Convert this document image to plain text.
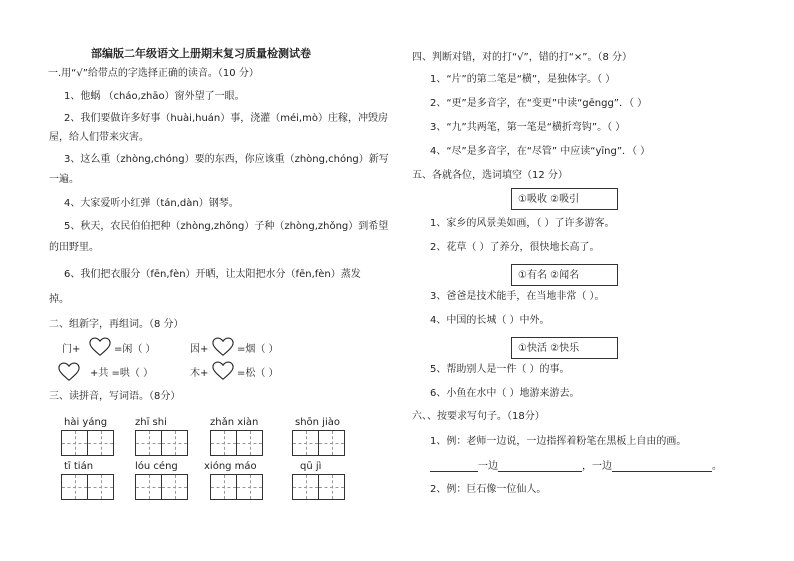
部编版二年级语文上册期末复习质量检测试卷
一.用“√”给带点的字选择正确的读音。（10 分）
1、他蜗 （cháo,zhāo）窗外望了一眼。
2、我们要做许多好事（huài,huán）事，浇灌（méi,mò）庄稼，冲毁房
屋，给人们带来灾害。
3、这么重（zhòng,chóng）要的东西，你应该重（zhòng,chóng）新写
一遍。
4、大家爱听小红弹（tán,dàn）钢琴。
5、秋天，农民伯伯把种（zhòng,zhǒng）子种（zhòng,zhǒng）到希望
的田野里。
6、我们把衣服分（fēn,fèn）开晒，让太阳把水分（fēn,fèn）蒸发
掉。
二、组新字，再组词。（8 分）
门+	=闲（ ）	因+	=烟（ ）
+共 =哄（ ）	木+	=松（ ）
三、读拼音，写词语。（8分）
hài yáng	zhī shi	zhǎn xiàn	shōn jiào
tī tián	lóu céng	xióng máo	qū jì
四、判断对错，对的打“√”，错的打“×”。（8 分）
1、“片”的第二笔是“横”，是独体字。（ ）
2、“更”是多音字，在“变更”中读“gēngg”．（ ）
3、“九”共两笔，第一笔是“横折弯钩”。（ ）
4、“尽”是多音字，在“尽管” 中应读“yīng”．（ ）
五、各就各位，选词填空（12 分）
①吸收 ②吸引
1、家乡的风景美如画，（ ）了许多游客。
2、花草（ ）了养分，很快地长高了。
①有名 ②闻名
3、爸爸是技术能手，在当地非常（ ）。
4、中国的长城（ ）中外。
①快活 ②快乐
5、帮助别人是一件（ ）的事。
6、小鱼在水中（ ）地游来游去。
六、、按要求写句子。（18分）
1、例：老师一边说，一边指挥着粉笔在黑板上自由的画。
一边	，一边	。
2、例：巨石像一位仙人。
